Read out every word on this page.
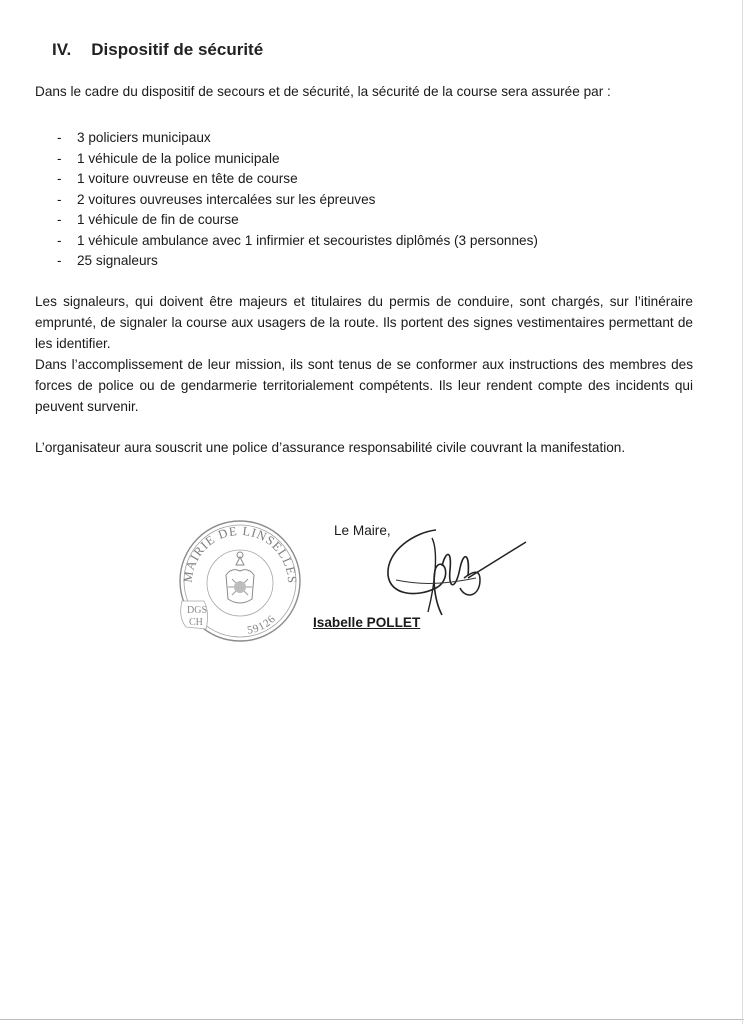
IV. Dispositif de sécurité
Dans le cadre du dispositif de secours et de sécurité, la sécurité de la course sera assurée par :
-	3 policiers municipaux
-	1 véhicule de la police municipale
-	1 voiture ouvreuse en tête de course
-	2 voitures ouvreuses intercalées sur les épreuves
-	1 véhicule de fin de course
-	1 véhicule ambulance avec 1 infirmier et secouristes diplômés (3 personnes)
-	25 signaleurs

Les signaleurs, qui doivent être majeurs et titulaires du permis de conduire, sont chargés, sur l’itinéraire emprunté, de signaler la course aux usagers de la route. Ils portent des signes vestimentaires permettant de les identifier.

Dans l’accomplissement de leur mission, ils sont tenus de se conformer aux instructions des membres des forces de police ou de gendarmerie territorialement compétents. Ils leur rendent compte des incidents qui peuvent survenir.

L’organisateur aura souscrit une police d’assurance responsabilité civile couvrant la manifestation.

MAIRIE DE LINSELLES
59126
DGS
CH
Le Maire,
Isabelle POLLET
